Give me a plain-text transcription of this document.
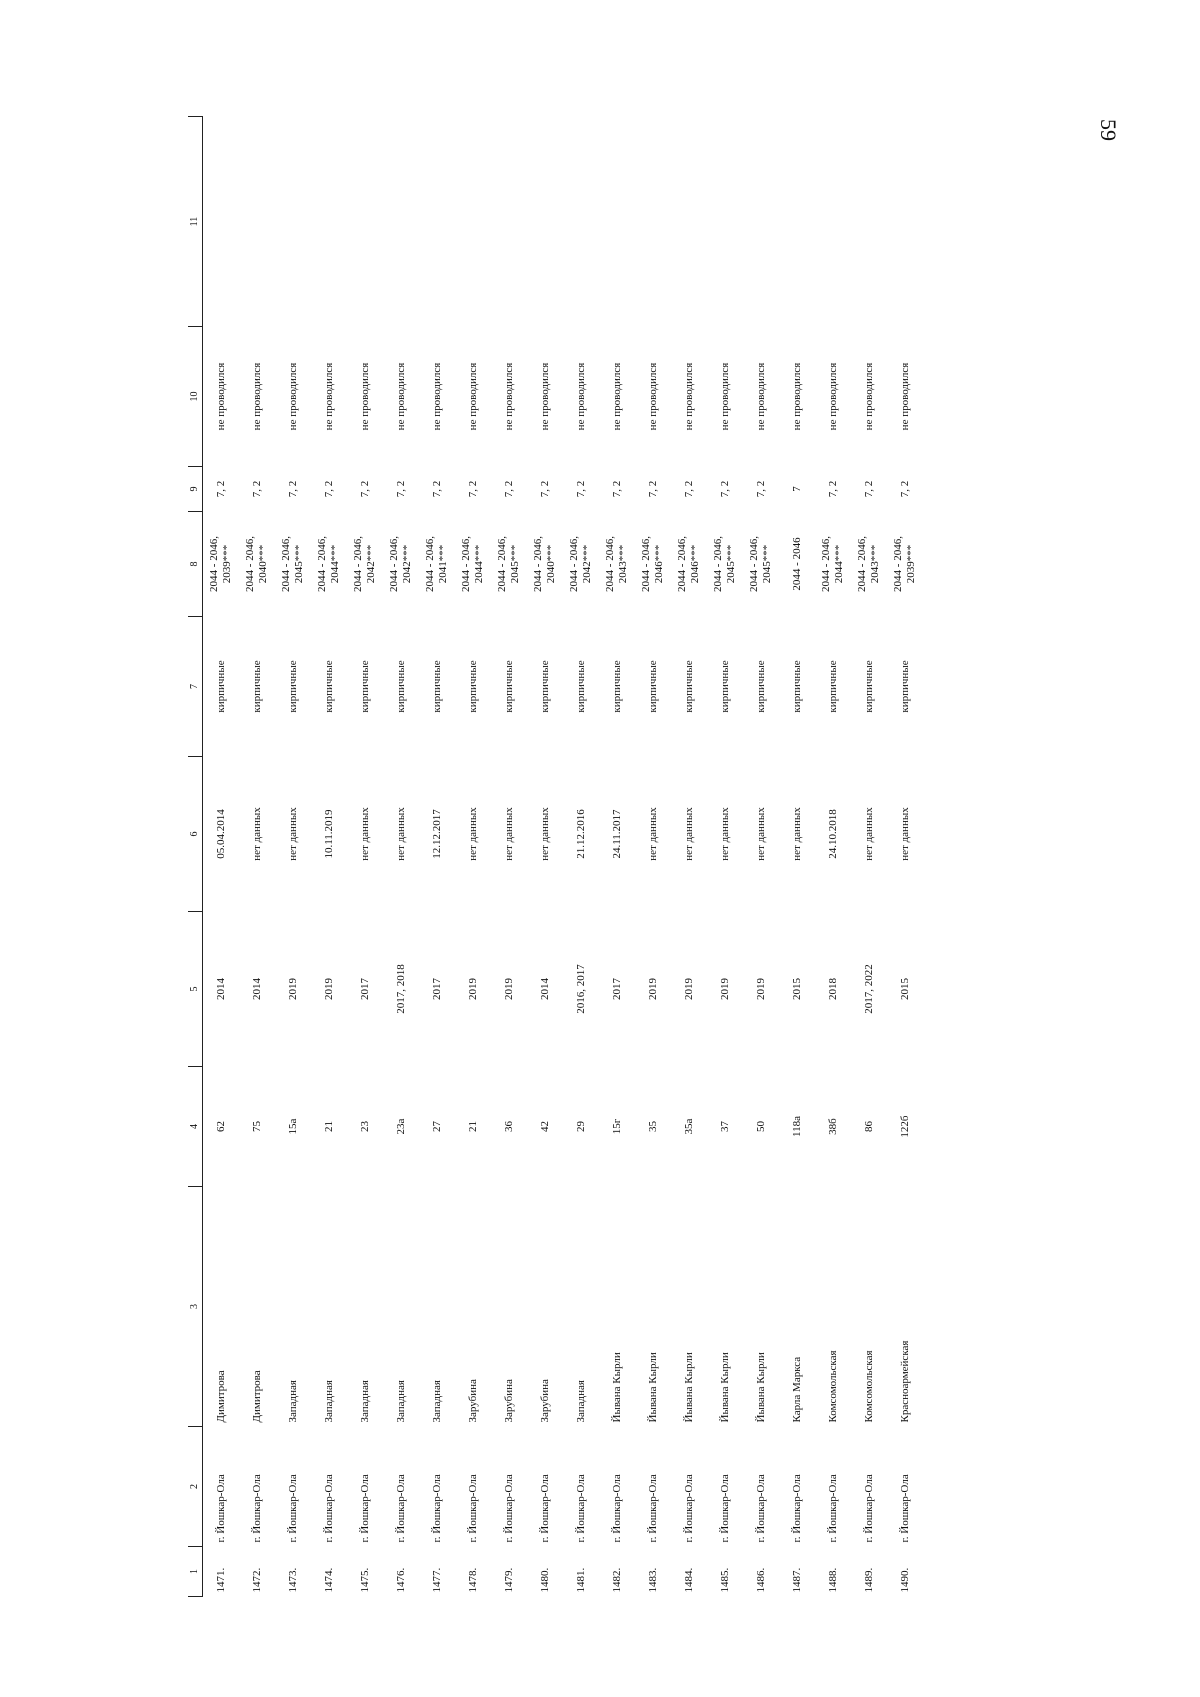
59
1	2	3	4	5	6	7	8	9	10	11
1471.	г. Йошкар-Ола	Димитрова	62	2014	05.04.2014	кирпичные	2044 - 2046, 2039***	7, 2	не проводился	
1472.	г. Йошкар-Ола	Димитрова	75	2014	нет данных	кирпичные	2044 - 2046, 2040***	7, 2	не проводился	
1473.	г. Йошкар-Ола	Западная	15а	2019	нет данных	кирпичные	2044 - 2046, 2045***	7, 2	не проводился	
1474.	г. Йошкар-Ола	Западная	21	2019	10.11.2019	кирпичные	2044 - 2046, 2044***	7, 2	не проводился	
1475.	г. Йошкар-Ола	Западная	23	2017	нет данных	кирпичные	2044 - 2046, 2042***	7, 2	не проводился	
1476.	г. Йошкар-Ола	Западная	23а	2017, 2018	нет данных	кирпичные	2044 - 2046, 2042***	7, 2	не проводился	
1477.	г. Йошкар-Ола	Западная	27	2017	12.12.2017	кирпичные	2044 - 2046, 2041***	7, 2	не проводился	
1478.	г. Йошкар-Ола	Зарубина	21	2019	нет данных	кирпичные	2044 - 2046, 2044***	7, 2	не проводился	
1479.	г. Йошкар-Ола	Зарубина	36	2019	нет данных	кирпичные	2044 - 2046, 2045***	7, 2	не проводился	
1480.	г. Йошкар-Ола	Зарубина	42	2014	нет данных	кирпичные	2044 - 2046, 2040***	7, 2	не проводился	
1481.	г. Йошкар-Ола	Западная	29	2016, 2017	21.12.2016	кирпичные	2044 - 2046, 2042***	7, 2	не проводился	
1482.	г. Йошкар-Ола	Йывана Кырли	15г	2017	24.11.2017	кирпичные	2044 - 2046, 2043***	7, 2	не проводился	
1483.	г. Йошкар-Ола	Йывана Кырли	35	2019	нет данных	кирпичные	2044 - 2046, 2046***	7, 2	не проводился	
1484.	г. Йошкар-Ола	Йывана Кырли	35а	2019	нет данных	кирпичные	2044 - 2046, 2046***	7, 2	не проводился	
1485.	г. Йошкар-Ола	Йывана Кырли	37	2019	нет данных	кирпичные	2044 - 2046, 2045***	7, 2	не проводился	
1486.	г. Йошкар-Ола	Йывана Кырли	50	2019	нет данных	кирпичные	2044 - 2046, 2045***	7, 2	не проводился	
1487.	г. Йошкар-Ола	Карла Маркса	118а	2015	нет данных	кирпичные	2044 - 2046	7	не проводился	
1488.	г. Йошкар-Ола	Комсомольская	38б	2018	24.10.2018	кирпичные	2044 - 2046, 2044***	7, 2	не проводился	
1489.	г. Йошкар-Ола	Комсомольская	86	2017, 2022	нет данных	кирпичные	2044 - 2046, 2043***	7, 2	не проводился	
1490.	г. Йошкар-Ола	Красноармейская	122б	2015	нет данных	кирпичные	2044 - 2046, 2039***	7, 2	не проводился	
